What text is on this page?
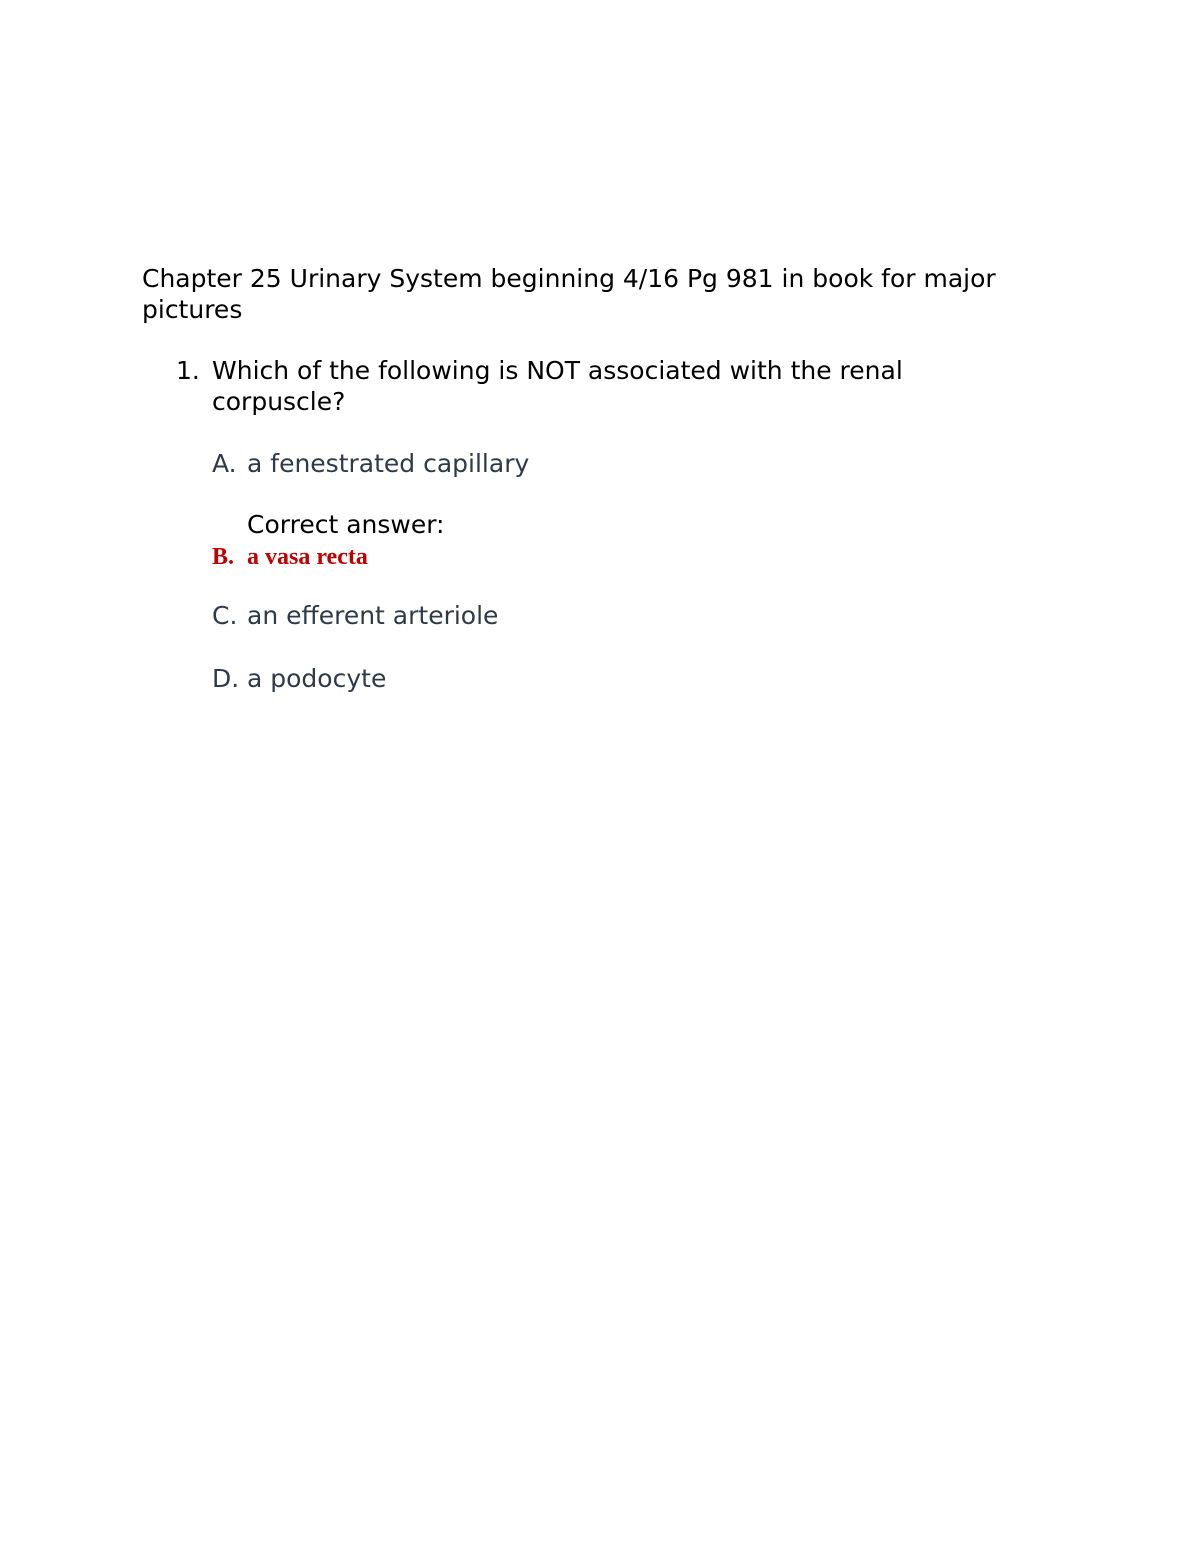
Chapter 25 Urinary System beginning 4/16 Pg 981 in book for major pictures
1. Which of the following is NOT associated with the renal corpuscle?
A. a fenestrated capillary
Correct answer:
B. a vasa recta
C. an efferent arteriole
D. a podocyte
